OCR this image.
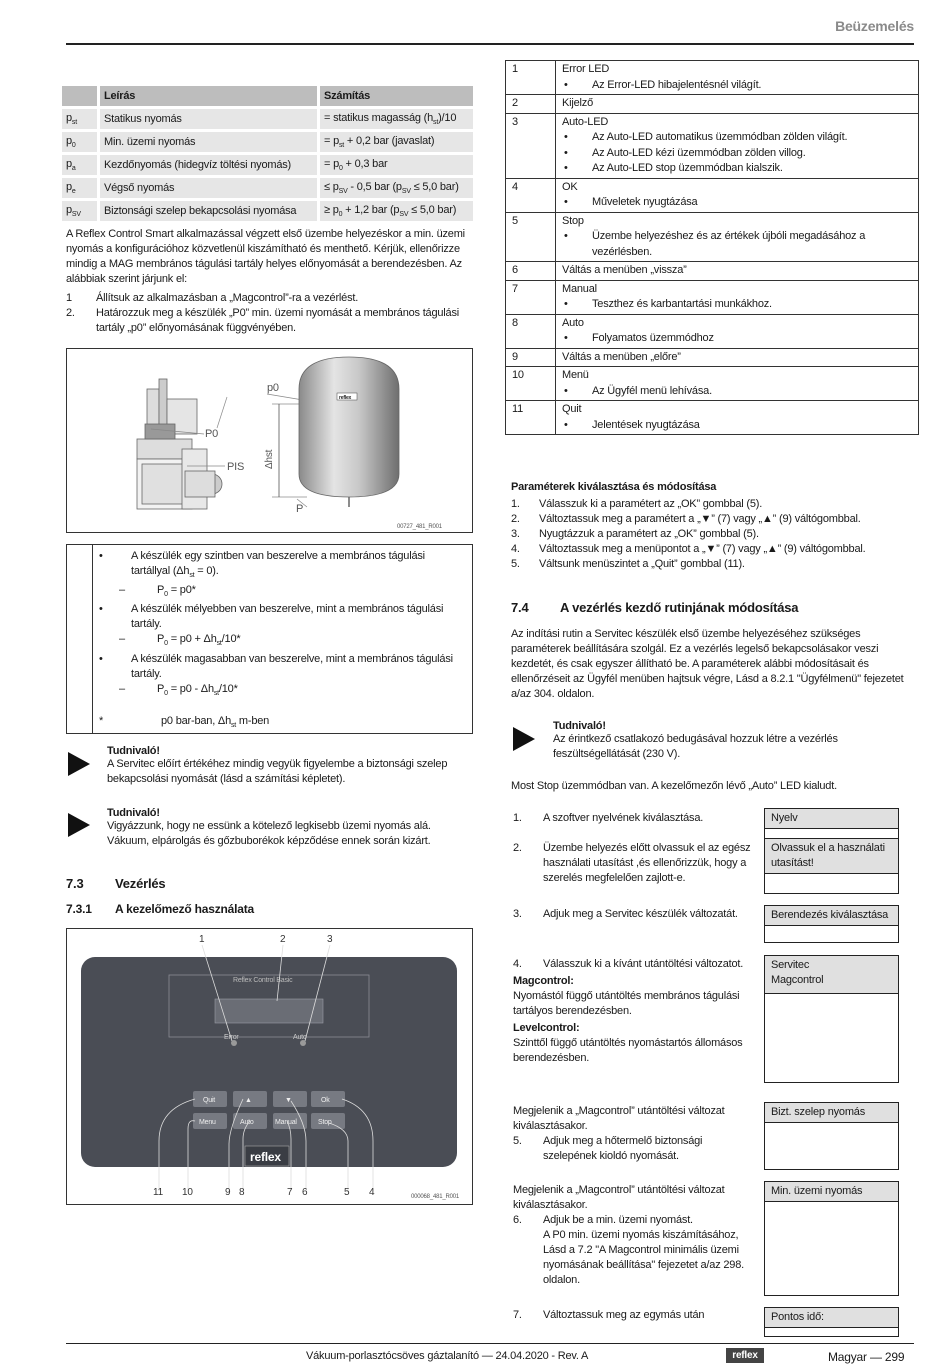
Beüzemelés
	Leírás	Számítás
$p_{st}$	Statikus nyomás	= statikus magasság $(h_{st})/10$
$p_0$	Min. üzemi nyomás	= $p_{st} + 0,2$ bar (javaslat)
$p_a$	Kezdőnyomás (hidegvíz töltési nyomás)	= $p_0 + 0,3$ bar
$p_e$	Végső nyomás	≤ $p_{SV} - 0,5$ bar ($p_{SV} \le 5,0$ bar)
$p_{SV}$	Biztonsági szelep bekapcsolási nyomása	≥ $p_0 + 1,2$ bar ($p_{SV} \le 5,0$ bar)
A Reflex Control Smart alkalmazással végzett első üzembe helyezéskor a min. üzemi nyomás a konfigurációhoz közvetlenül kiszámítható és menthető. Kérjük, ellenőrizze mindig a MAG membrános tágulási tartály helyes előnyomását a berendezésben. Az alábbiak szerint járjunk el:
1	Állítsuk az alkalmazásban a „Magcontrol”-ra a vezérlést.
2.	Határozzuk meg a készülék „P0” min. üzemi nyomását a membrános tágulási tartály „p0” előnyomásának függvényében.
P0
PIS
p0
Δhst
reflex
P
00727_481_R001
• A készülék egy szintben van beszerelve a membrános tágulási tartállyal $(\Delta h_{st} = 0)$.
– $P_0 = p0*$
• A készülék mélyebben van beszerelve, mint a membrános tágulási tartály.
– $P_0 = p0 + \Delta h_{st}/10*$
• A készülék magasabban van beszerelve, mint a membrános tágulási tartály.
– $P_0 = p0 - \Delta h_{st}/10*$
*	p0 bar-ban, $\Delta h_{st}$ m-ben
Tudnivaló!
A Servitec előírt értékéhez mindig vegyük figyelembe a biztonsági szelep bekapcsolási nyomását (lásd a számítási képletet).
Tudnivaló!
Vigyázzunk, hogy ne essünk a kötelező legkisebb üzemi nyomás alá. Vákuum, elpárolgás és gőzbuborékok képződése ennek során kizárt.
7.3 Vezérlés
7.3.1 A kezelőmező használata
Reflex Control Basic
Error	Auto
Quit	▲	▼	Ok
Menu	Auto	Manual	Stop
reflex
1	2	3
11 10	9 8	7 6	5 4	000068_481_R001
1	Error LED
• Az Error-LED hibajelentésnél világít.
2	Kijelző
3	Auto-LED
• Az Auto-LED automatikus üzemmódban zölden világít.
• Az Auto-LED kézi üzemmódban zölden villog.
• Az Auto-LED stop üzemmódban kialszik.
4	OK
• Műveletek nyugtázása
5	Stop
• Üzembe helyezéshez és az értékek újbóli megadásához a vezérlésben.
6	Váltás a menüben „vissza”
7	Manual
• Teszthez és karbantartási munkákhoz.
8	Auto
• Folyamatos üzemmódhoz
9	Váltás a menüben „előre”
10	Menü
• Az Ügyfél menü lehívása.
11	Quit
• Jelentések nyugtázása
Paraméterek kiválasztása és módosítása
1.	Válasszuk ki a paramétert az „OK” gombbal (5).
2.	Változtassuk meg a paramétert a „▼” (7) vagy „▲” (9) váltógombbal.
3.	Nyugtázzuk a paramétert az „OK” gombbal (5).
4.	Változtassuk meg a menüpontot a „▼” (7) vagy „▲” (9) váltógombbal.
5.	Váltsunk menüszintet a „Quit” gombbal (11).
7.4 A vezérlés kezdő rutinjának módosítása
Az indítási rutin a Servitec készülék első üzembe helyezéséhez szükséges paraméterek beállítására szolgál. Ez a vezérlés legelső bekapcsolásakor veszi kezdetét, és csak egyszer állítható be. A paraméterek alábbi módosításait és ellenőrzéseit az Ügyfél menüben hajtsuk végre, Lásd a 8.2.1 "Ügyfélmenü" fejezetet a/az 304. oldalon.
Tudnivaló!
Az érintkező csatlakozó bedugásával hozzuk létre a vezérlés feszültségellátását (230 V).
Most Stop üzemmódban van. A kezelőmezőn lévő „Auto” LED kialudt.
1. A szoftver nyelvének kiválasztása.	Nyelv
2.	Üzembe helyezés előtt olvassuk el az egész használati utasítást ,és ellenőrizzük, hogy a szerelés megfelelően zajlott-e.
Olvassuk el a használati utasítást!
3. Adjuk meg a Servitec készülék változatát.	Berendezés kiválasztása
4.	Válasszuk ki a kívánt utántöltési változatot.
Magcontrol:
Nyomástól függő utántöltés membrános tágulási tartályos berendezésben.
Levelcontrol:
Szinttől függő utántöltés nyomástartós állomásos berendezésben.
Servitec
Magcontrol
Megjelenik a „Magcontrol” utántöltési változat kiválasztásakor.
5.	Adjuk meg a hőtermelő biztonsági szelepének kioldó nyomását.
Bizt. szelep nyomás
Megjelenik a „Magcontrol” utántöltési változat kiválasztásakor.
6.	Adjuk be a min. üzemi nyomást.
A P0 min. üzemi nyomás kiszámításához, Lásd a 7.2 "A Magcontrol minimális üzemi nyomásának beállítása" fejezetet a/az 298. oldalon.
Min. üzemi nyomás
7. Változtassuk meg az egymás után	Pontos idő:
Vákuum-porlasztócsöves gáztalanító — 24.04.2020 - Rev. A	reflex	Magyar — 299
